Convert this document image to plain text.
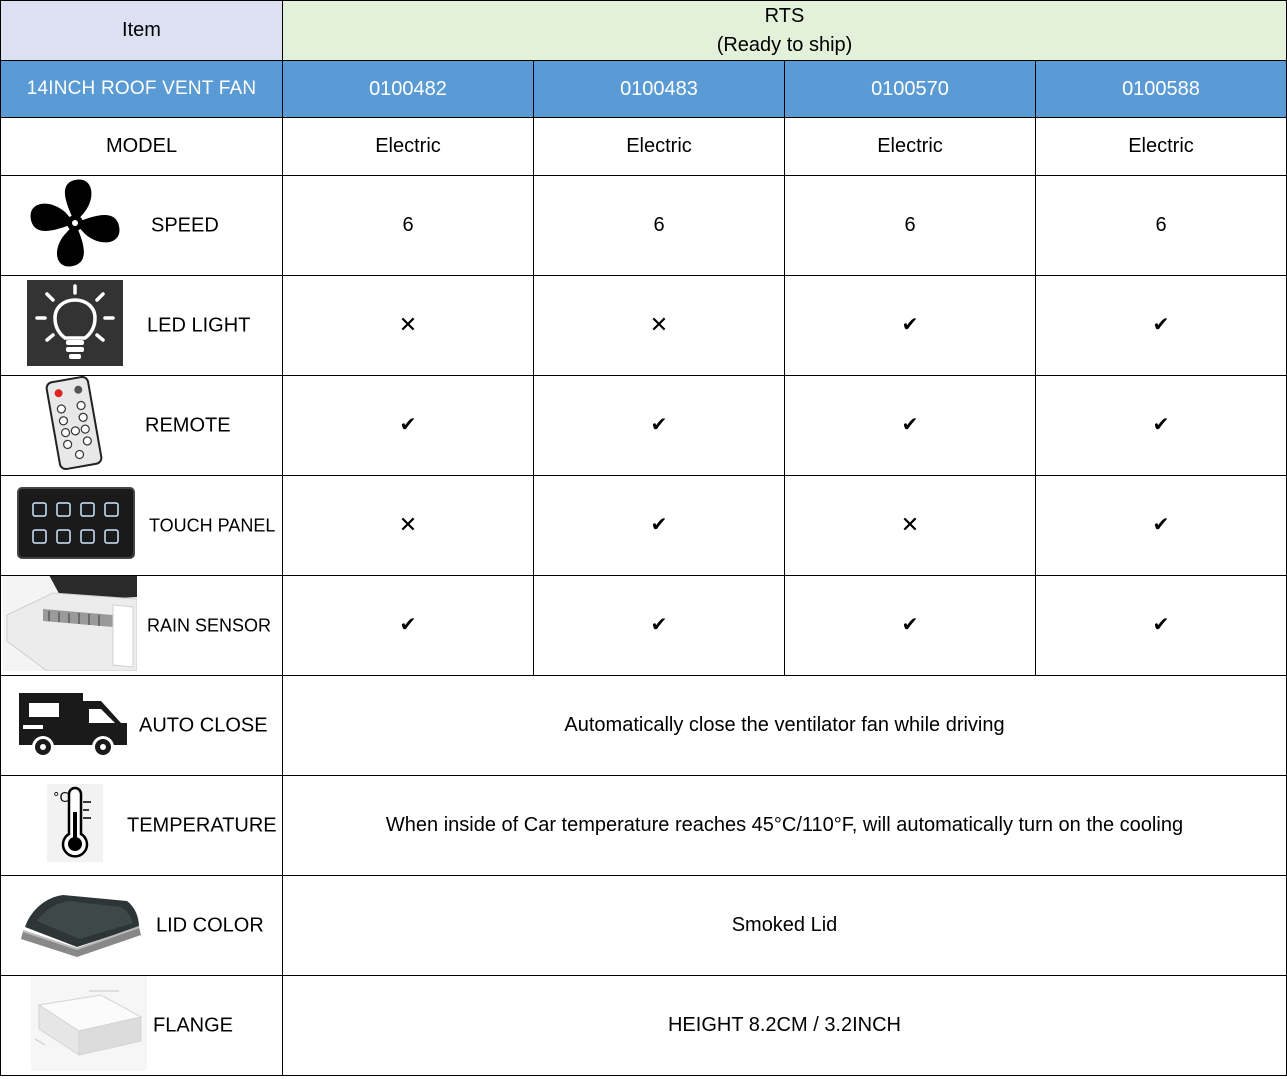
Item	RTS
(Ready to ship)			

14INCH ROOF VENT FAN	0100482	0100483	0100570	0100588
MODEL	Electric	Electric	Electric	Electric

SPEED	6	6	6	6

LED LIGHT	✕	✕	✔	✔

REMOTE	✔	✔	✔	✔

TOUCH PANEL	✕	✔	✕	✔

RAIN SENSOR	✔	✔	✔	✔

AUTO CLOSE	Automatically close the ventilator fan while driving			

°C
TEMPERATURE	When inside of Car temperature reaches 45°C/110°F, will automatically turn on the cooling			

LID COLOR	Smoked Lid			

FLANGE	HEIGHT 8.2CM / 3.2INCH			
